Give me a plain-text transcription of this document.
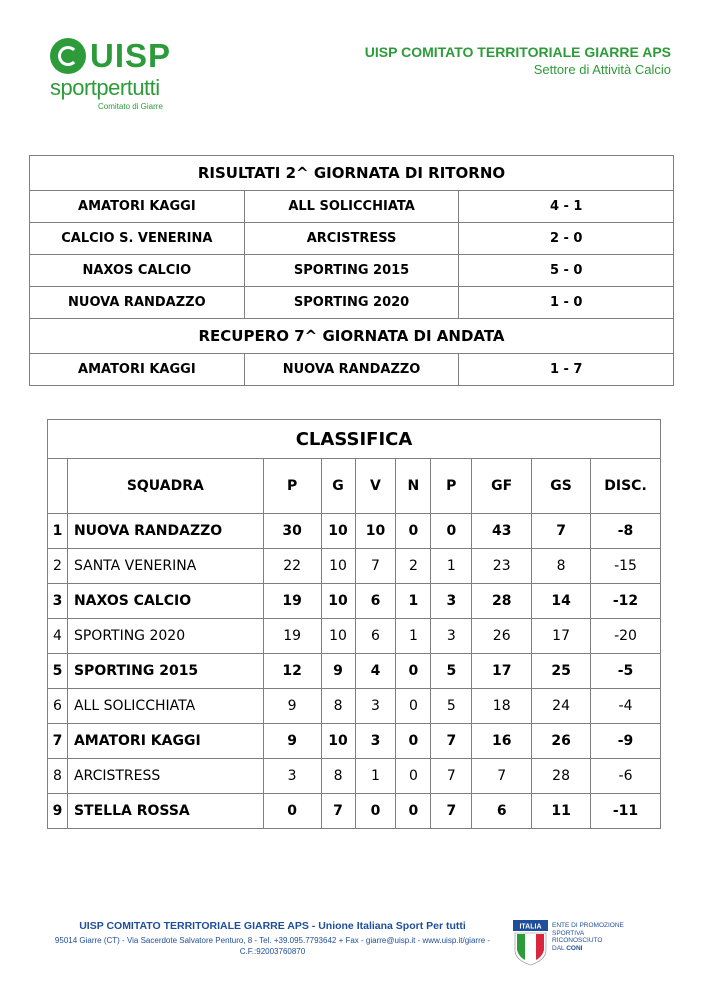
UISP
sportpertutti
Comitato di Giarre
UISP COMITATO TERRITORIALE GIARRE APS
Settore di Attività Calcio
RISULTATI 2^ GIORNATA DI RITORNO		
AMATORI KAGGI	ALL SOLICCHIATA	4 - 1
CALCIO S. VENERINA	ARCISTRESS	2 - 0
NAXOS CALCIO	SPORTING 2015	5 - 0
NUOVA RANDAZZO	SPORTING 2020	1 - 0
RECUPERO 7^ GIORNATA DI ANDATA		
AMATORI KAGGI	NUOVA RANDAZZO	1 - 7
CLASSIFICA									
	SQUADRA	P	G	V	N	P	GF	GS	DISC.
1	NUOVA RANDAZZO	30	10	10	0	0	43	7	-8
2	SANTA VENERINA	22	10	7	2	1	23	8	-15
3	NAXOS CALCIO	19	10	6	1	3	28	14	-12
4	SPORTING 2020	19	10	6	1	3	26	17	-20
5	SPORTING 2015	12	9	4	0	5	17	25	-5
6	ALL SOLICCHIATA	9	8	3	0	5	18	24	-4
7	AMATORI KAGGI	9	10	3	0	7	16	26	-9
8	ARCISTRESS	3	8	1	0	7	7	28	-6
9	STELLA ROSSA	0	7	0	0	7	6	11	-11
UISP COMITATO TERRITORIALE GIARRE APS - Unione Italiana Sport Per tutti
95014 Giarre (CT) - Via Sacerdote Salvatore Penturo, 8 - Tel. +39.095.7793642 + Fax - giarre@uisp.it - www.uisp.it/giarre -
C.F.:92003760870
ITALIA ENTE DI PROMOZIONE
SPORTIVA
RICONOSCIUTO
DAL CONI
